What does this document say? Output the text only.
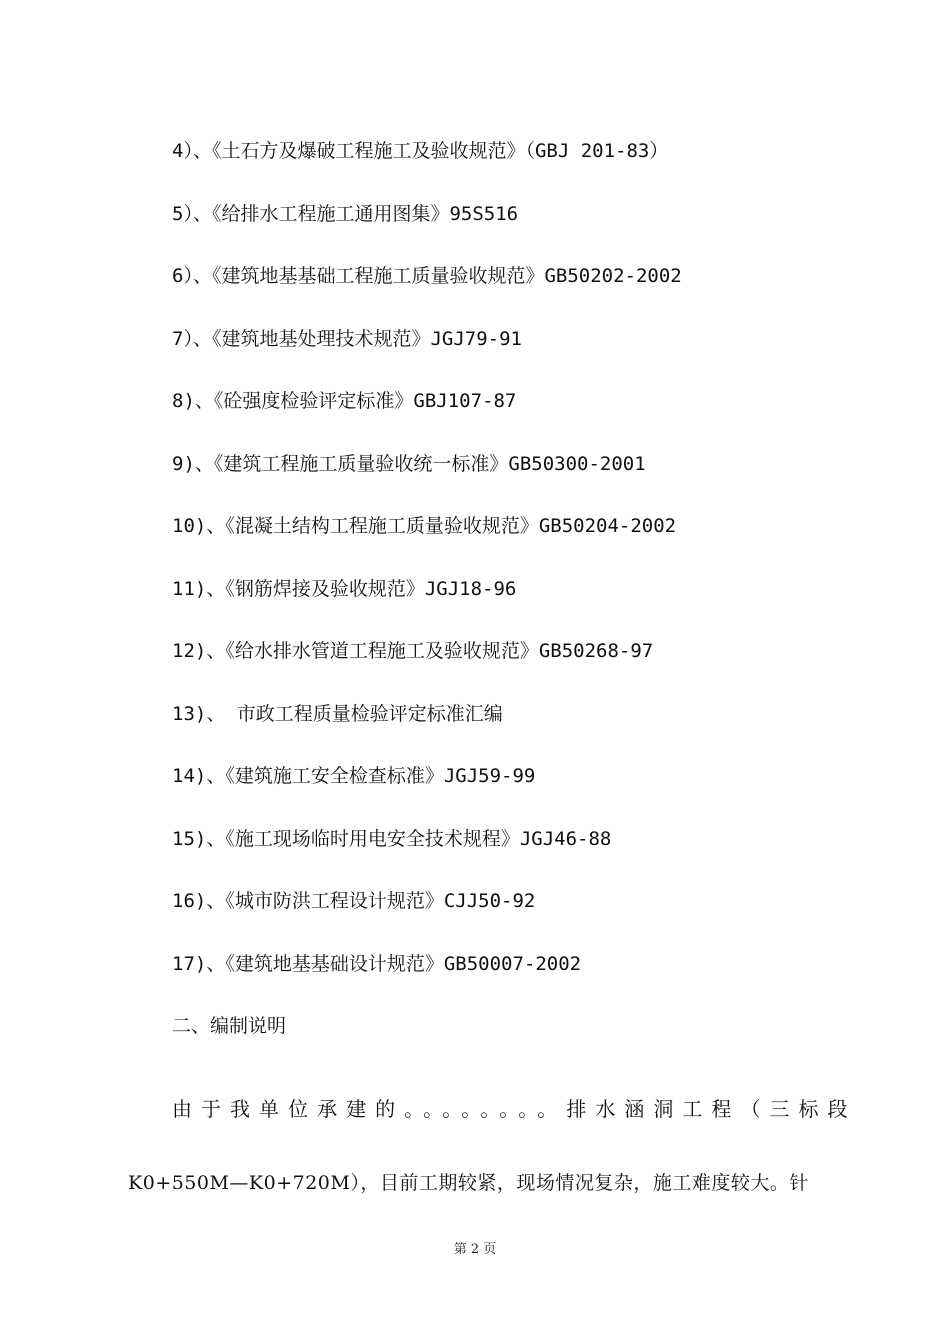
4）、《土石方及爆破工程施工及验收规范》（GBJ 201-83）
5）、《给排水工程施工通用图集》95S516
6）、《建筑地基基础工程施工质量验收规范》GB50202-2002
7）、《建筑地基处理技术规范》JGJ79-91
8)、《砼强度检验评定标准》GBJ107-87
9)、《建筑工程施工质量验收统一标准》GB50300-2001
10)、《混凝土结构工程施工质量验收规范》GB50204-2002
11)、《钢筋焊接及验收规范》JGJ18-96
12)、《给水排水管道工程施工及验收规范》GB50268-97
13)、 市政工程质量检验评定标准汇编
14)、《建筑施工安全检查标准》JGJ59-99
15)、《施工现场临时用电安全技术规程》JGJ46-88
16)、《城市防洪工程设计规范》CJJ50-92
17)、《建筑地基基础设计规范》GB50007-2002
二、编制说明

由于我单位承建的。。。。。。。。排水涵洞工程（三标段
K0+550M—K0+720M），目前工期较紧，现场情况复杂，施工难度较大。针

第 2 页
